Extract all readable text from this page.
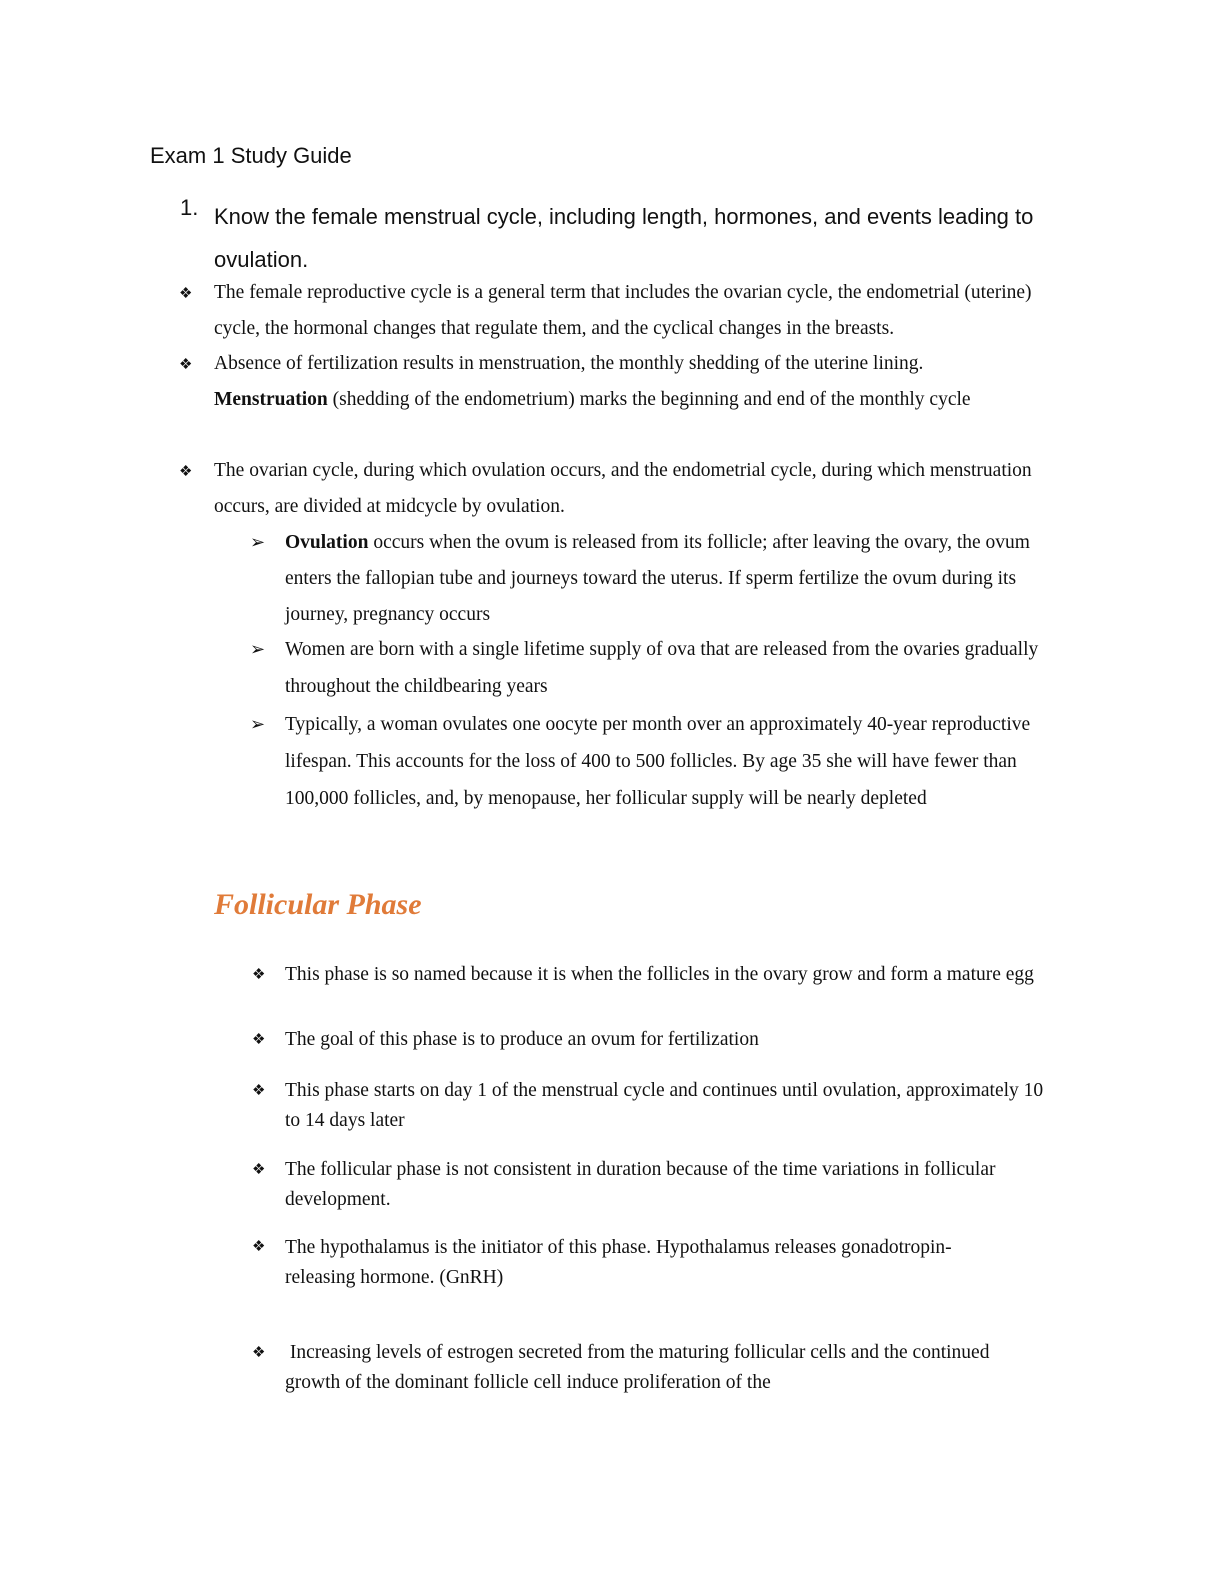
Exam 1 Study Guide
1. Know the female menstrual cycle, including length, hormones, and events leading to ovulation.
❖ The female reproductive cycle is a general term that includes the ovarian cycle, the endometrial (uterine) cycle, the hormonal changes that regulate them, and the cyclical changes in the breasts.
❖ Absence of fertilization results in menstruation, the monthly shedding of the uterine lining.
Menstruation (shedding of the endometrium) marks the beginning and end of the monthly cycle
❖ The ovarian cycle, during which ovulation occurs, and the endometrial cycle, during which menstruation occurs, are divided at midcycle by ovulation.
➢ Ovulation occurs when the ovum is released from its follicle; after leaving the ovary, the ovum enters the fallopian tube and journeys toward the uterus. If sperm fertilize the ovum during its journey, pregnancy occurs
➢ Women are born with a single lifetime supply of ova that are released from the ovaries gradually throughout the childbearing years
➢ Typically, a woman ovulates one oocyte per month over an approximately 40-year reproductive lifespan. This accounts for the loss of 400 to 500 follicles. By age 35 she will have fewer than 100,000 follicles, and, by menopause, her follicular supply will be nearly depleted
Follicular Phase
❖ This phase is so named because it is when the follicles in the ovary grow and form a mature egg
❖ The goal of this phase is to produce an ovum for fertilization
❖ This phase starts on day 1 of the menstrual cycle and continues until ovulation, approximately 10 to 14 days later
❖ The follicular phase is not consistent in duration because of the time variations in follicular development.
❖ The hypothalamus is the initiator of this phase. Hypothalamus releases gonadotropin-releasing hormone. (GnRH)
❖ Increasing levels of estrogen secreted from the maturing follicular cells and the continued growth of the dominant follicle cell induce proliferation of the
